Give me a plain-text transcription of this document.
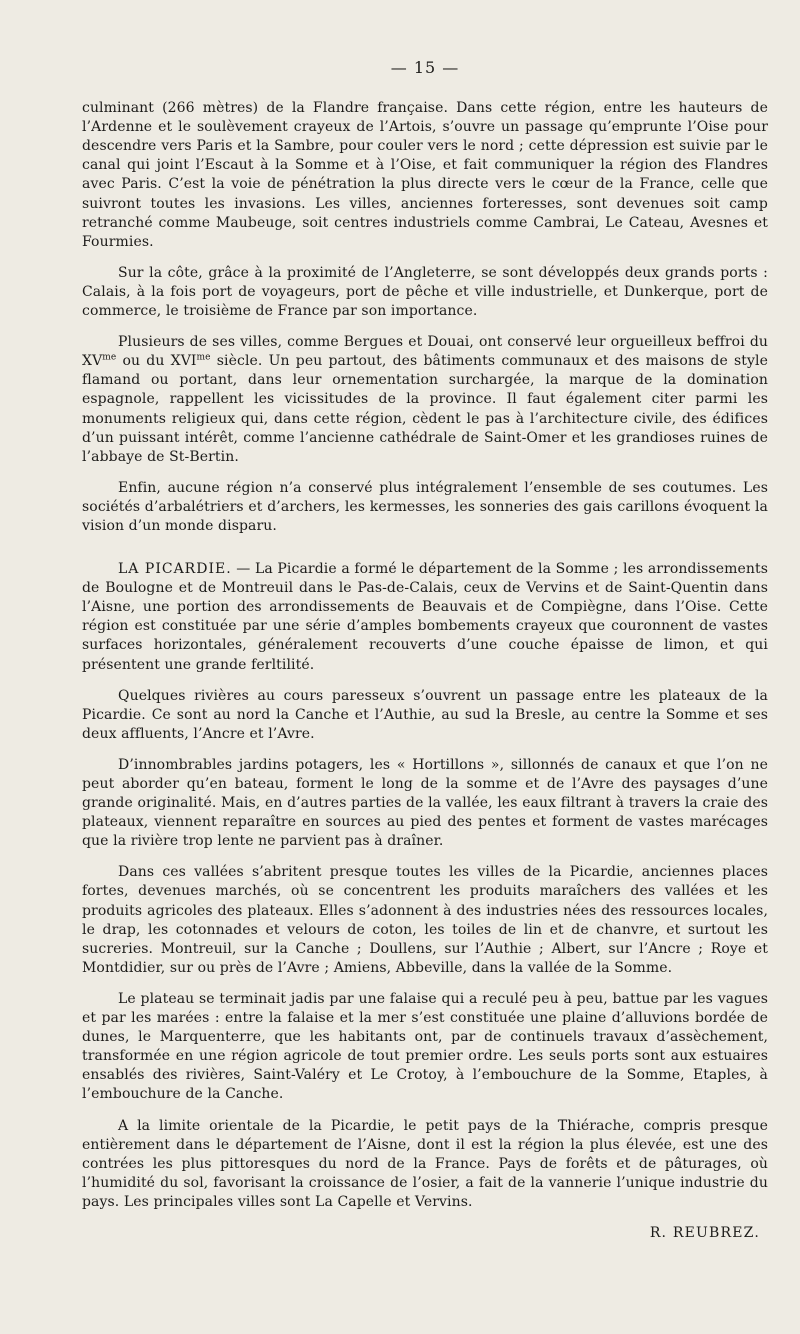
— 15 —

culminant (266 mètres) de la Flandre française. Dans cette région, entre les hauteurs de l’Ardenne et le soulèvement crayeux de l’Artois, s’ouvre un passage qu’emprunte l’Oise pour descendre vers Paris et la Sambre, pour couler vers le nord ; cette dépression est suivie par le canal qui joint l’Escaut à la Somme et à l’Oise, et fait communiquer la région des Flandres avec Paris. C’est la voie de pénétration la plus directe vers le cœur de la France, celle que suivront toutes les invasions. Les villes, anciennes forteresses, sont devenues soit camp retranché comme Maubeuge, soit centres industriels comme Cambrai, Le Cateau, Avesnes et Fourmies.

Sur la côte, grâce à la proximité de l’Angleterre, se sont développés deux grands ports : Calais, à la fois port de voyageurs, port de pêche et ville industrielle, et Dunkerque, port de commerce, le troisième de France par son importance.

Plusieurs de ses villes, comme Bergues et Douai, ont conservé leur orgueilleux beffroi du $XV^{me}$ ou du $XVI^{me}$ siècle. Un peu partout, des bâtiments communaux et des maisons de style flamand ou portant, dans leur ornementation surchargée, la marque de la domination espagnole, rappellent les vicissitudes de la province. Il faut également citer parmi les monuments religieux qui, dans cette région, cèdent le pas à l’architecture civile, des édifices d’un puissant intérêt, comme l’ancienne cathédrale de Saint-Omer et les grandioses ruines de l’abbaye de St-Bertin.

Enfin, aucune région n’a conservé plus intégralement l’ensemble de ses coutumes. Les sociétés d’arbalétriers et d’archers, les kermesses, les sonneries des gais carillons évoquent la vision d’un monde disparu.

LA PICARDIE. — La Picardie a formé le département de la Somme ; les arrondissements de Boulogne et de Montreuil dans le Pas-de-Calais, ceux de Vervins et de Saint-Quentin dans l’Aisne, une portion des arrondissements de Beauvais et de Compiègne, dans l’Oise. Cette région est constituée par une série d’amples bombements crayeux que couronnent de vastes surfaces horizontales, généralement recouverts d’une couche épaisse de limon, et qui présentent une grande ferltilité.

Quelques rivières au cours paresseux s’ouvrent un passage entre les plateaux de la Picardie. Ce sont au nord la Canche et l’Authie, au sud la Bresle, au centre la Somme et ses deux affluents, l’Ancre et l’Avre.

D’innombrables jardins potagers, les « Hortillons », sillonnés de canaux et que l’on ne peut aborder qu’en bateau, forment le long de la somme et de l’Avre des paysages d’une grande originalité. Mais, en d’autres parties de la vallée, les eaux filtrant à travers la craie des plateaux, viennent reparaître en sources au pied des pentes et forment de vastes marécages que la rivière trop lente ne parvient pas à draîner.

Dans ces vallées s’abritent presque toutes les villes de la Picardie, anciennes places fortes, devenues marchés, où se concentrent les produits maraîchers des vallées et les produits agricoles des plateaux. Elles s’adonnent à des industries nées des ressources locales, le drap, les cotonnades et velours de coton, les toiles de lin et de chanvre, et surtout les sucreries. Montreuil, sur la Canche ; Doullens, sur l’Authie ; Albert, sur l’Ancre ; Roye et Montdidier, sur ou près de l’Avre ; Amiens, Abbeville, dans la vallée de la Somme.

Le plateau se terminait jadis par une falaise qui a reculé peu à peu, battue par les vagues et par les marées : entre la falaise et la mer s’est constituée une plaine d’alluvions bordée de dunes, le Marquenterre, que les habitants ont, par de continuels travaux d’assèchement, transformée en une région agricole de tout premier ordre. Les seuls ports sont aux estuaires ensablés des rivières, Saint-Valéry et Le Crotoy, à l’embouchure de la Somme, Etaples, à l’embouchure de la Canche.

A la limite orientale de la Picardie, le petit pays de la Thiérache, compris presque entièrement dans le département de l’Aisne, dont il est la région la plus élevée, est une des contrées les plus pittoresques du nord de la France. Pays de forêts et de pâturages, où l’humidité du sol, favorisant la croissance de l’osier, a fait de la vannerie l’unique industrie du pays. Les principales villes sont La Capelle et Vervins.

R. REUBREZ.
